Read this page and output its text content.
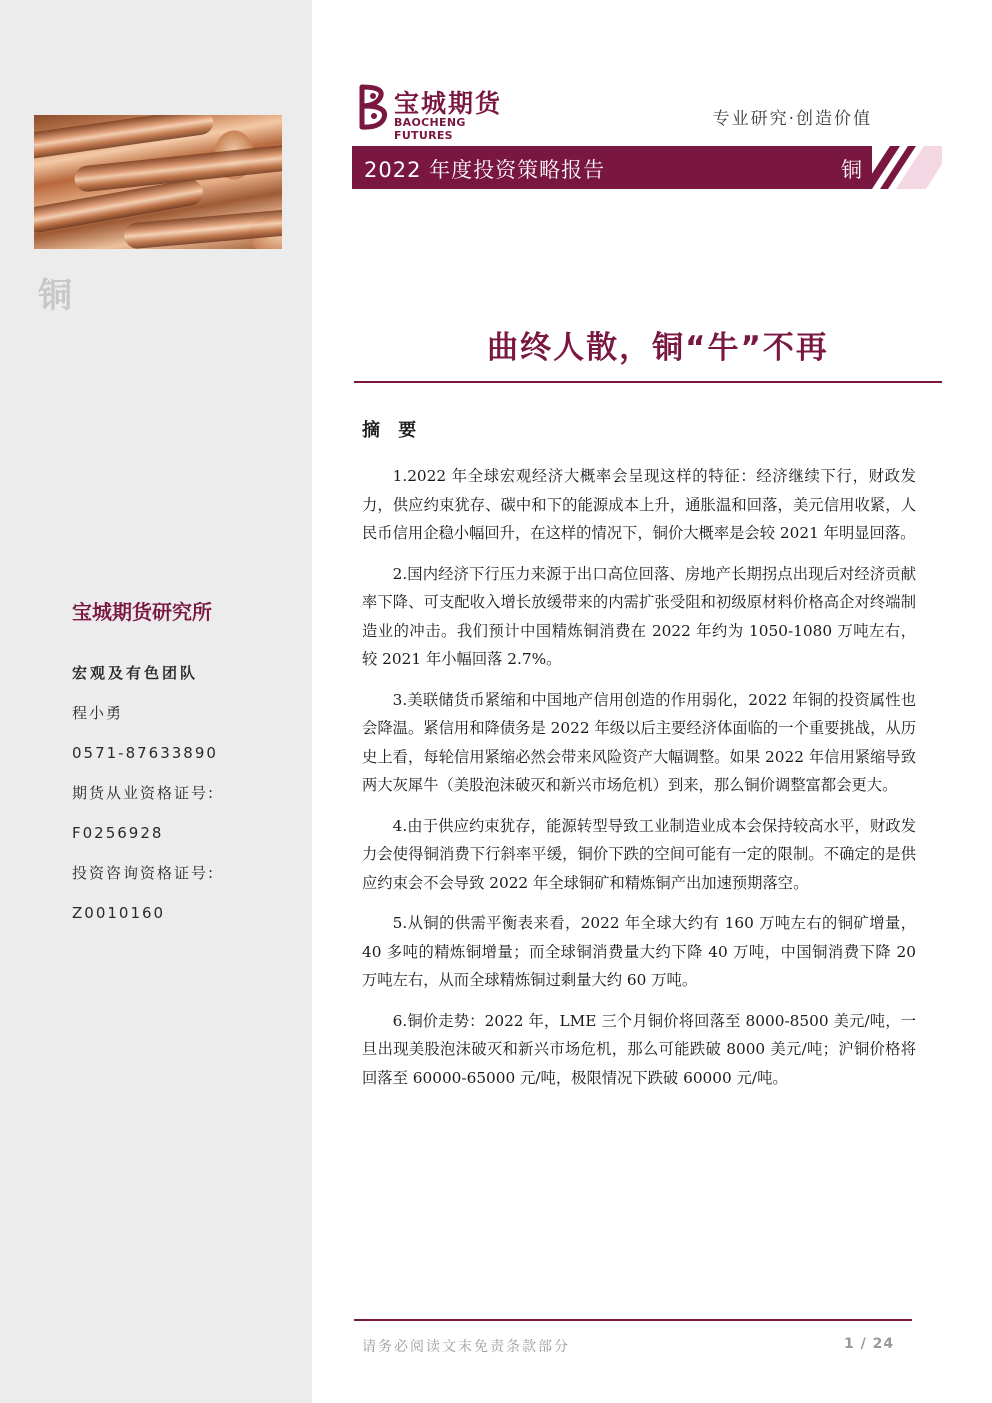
铜
宝城期货研究所
宏观及有色团队
程小勇
0571-87633890
期货从业资格证号:
F0256928
投资咨询资格证号:
Z0010160
宝城期货
BAOCHENG FUTURES
专业研究·创造价值
2022 年度投资策略报告	铜
曲终人散，铜“牛”不再
摘 要

1.2022 年全球宏观经济大概率会呈现这样的特征：经济继续下行，财政发力，供应约束犹存、碳中和下的能源成本上升，通胀温和回落，美元信用收紧，人民币信用企稳小幅回升，在这样的情况下，铜价大概率是会较 2021 年明显回落。

2.国内经济下行压力来源于出口高位回落、房地产长期拐点出现后对经济贡献率下降、可支配收入增长放缓带来的内需扩张受阻和初级原材料价格高企对终端制造业的冲击。我们预计中国精炼铜消费在 2022 年约为 1050-1080 万吨左右，较 2021 年小幅回落 2.7%。

3.美联储货币紧缩和中国地产信用创造的作用弱化，2022 年铜的投资属性也会降温。紧信用和降债务是 2022 年级以后主要经济体面临的一个重要挑战，从历史上看，每轮信用紧缩必然会带来风险资产大幅调整。如果 2022 年信用紧缩导致两大灰犀牛（美股泡沫破灭和新兴市场危机）到来，那么铜价调整富都会更大。

4.由于供应约束犹存，能源转型导致工业制造业成本会保持较高水平，财政发力会使得铜消费下行斜率平缓，铜价下跌的空间可能有一定的限制。不确定的是供应约束会不会导致 2022 年全球铜矿和精炼铜产出加速预期落空。

5.从铜的供需平衡表来看，2022 年全球大约有 160 万吨左右的铜矿增量，40 多吨的精炼铜增量；而全球铜消费量大约下降 40 万吨，中国铜消费下降 20 万吨左右，从而全球精炼铜过剩量大约 60 万吨。

6.铜价走势：2022 年，LME 三个月铜价将回落至 8000-8500 美元/吨，一旦出现美股泡沫破灭和新兴市场危机，那么可能跌破 8000 美元/吨；沪铜价格将回落至 60000-65000 元/吨，极限情况下跌破 60000 元/吨。

请务必阅读文末免责条款部分	1 / 24
